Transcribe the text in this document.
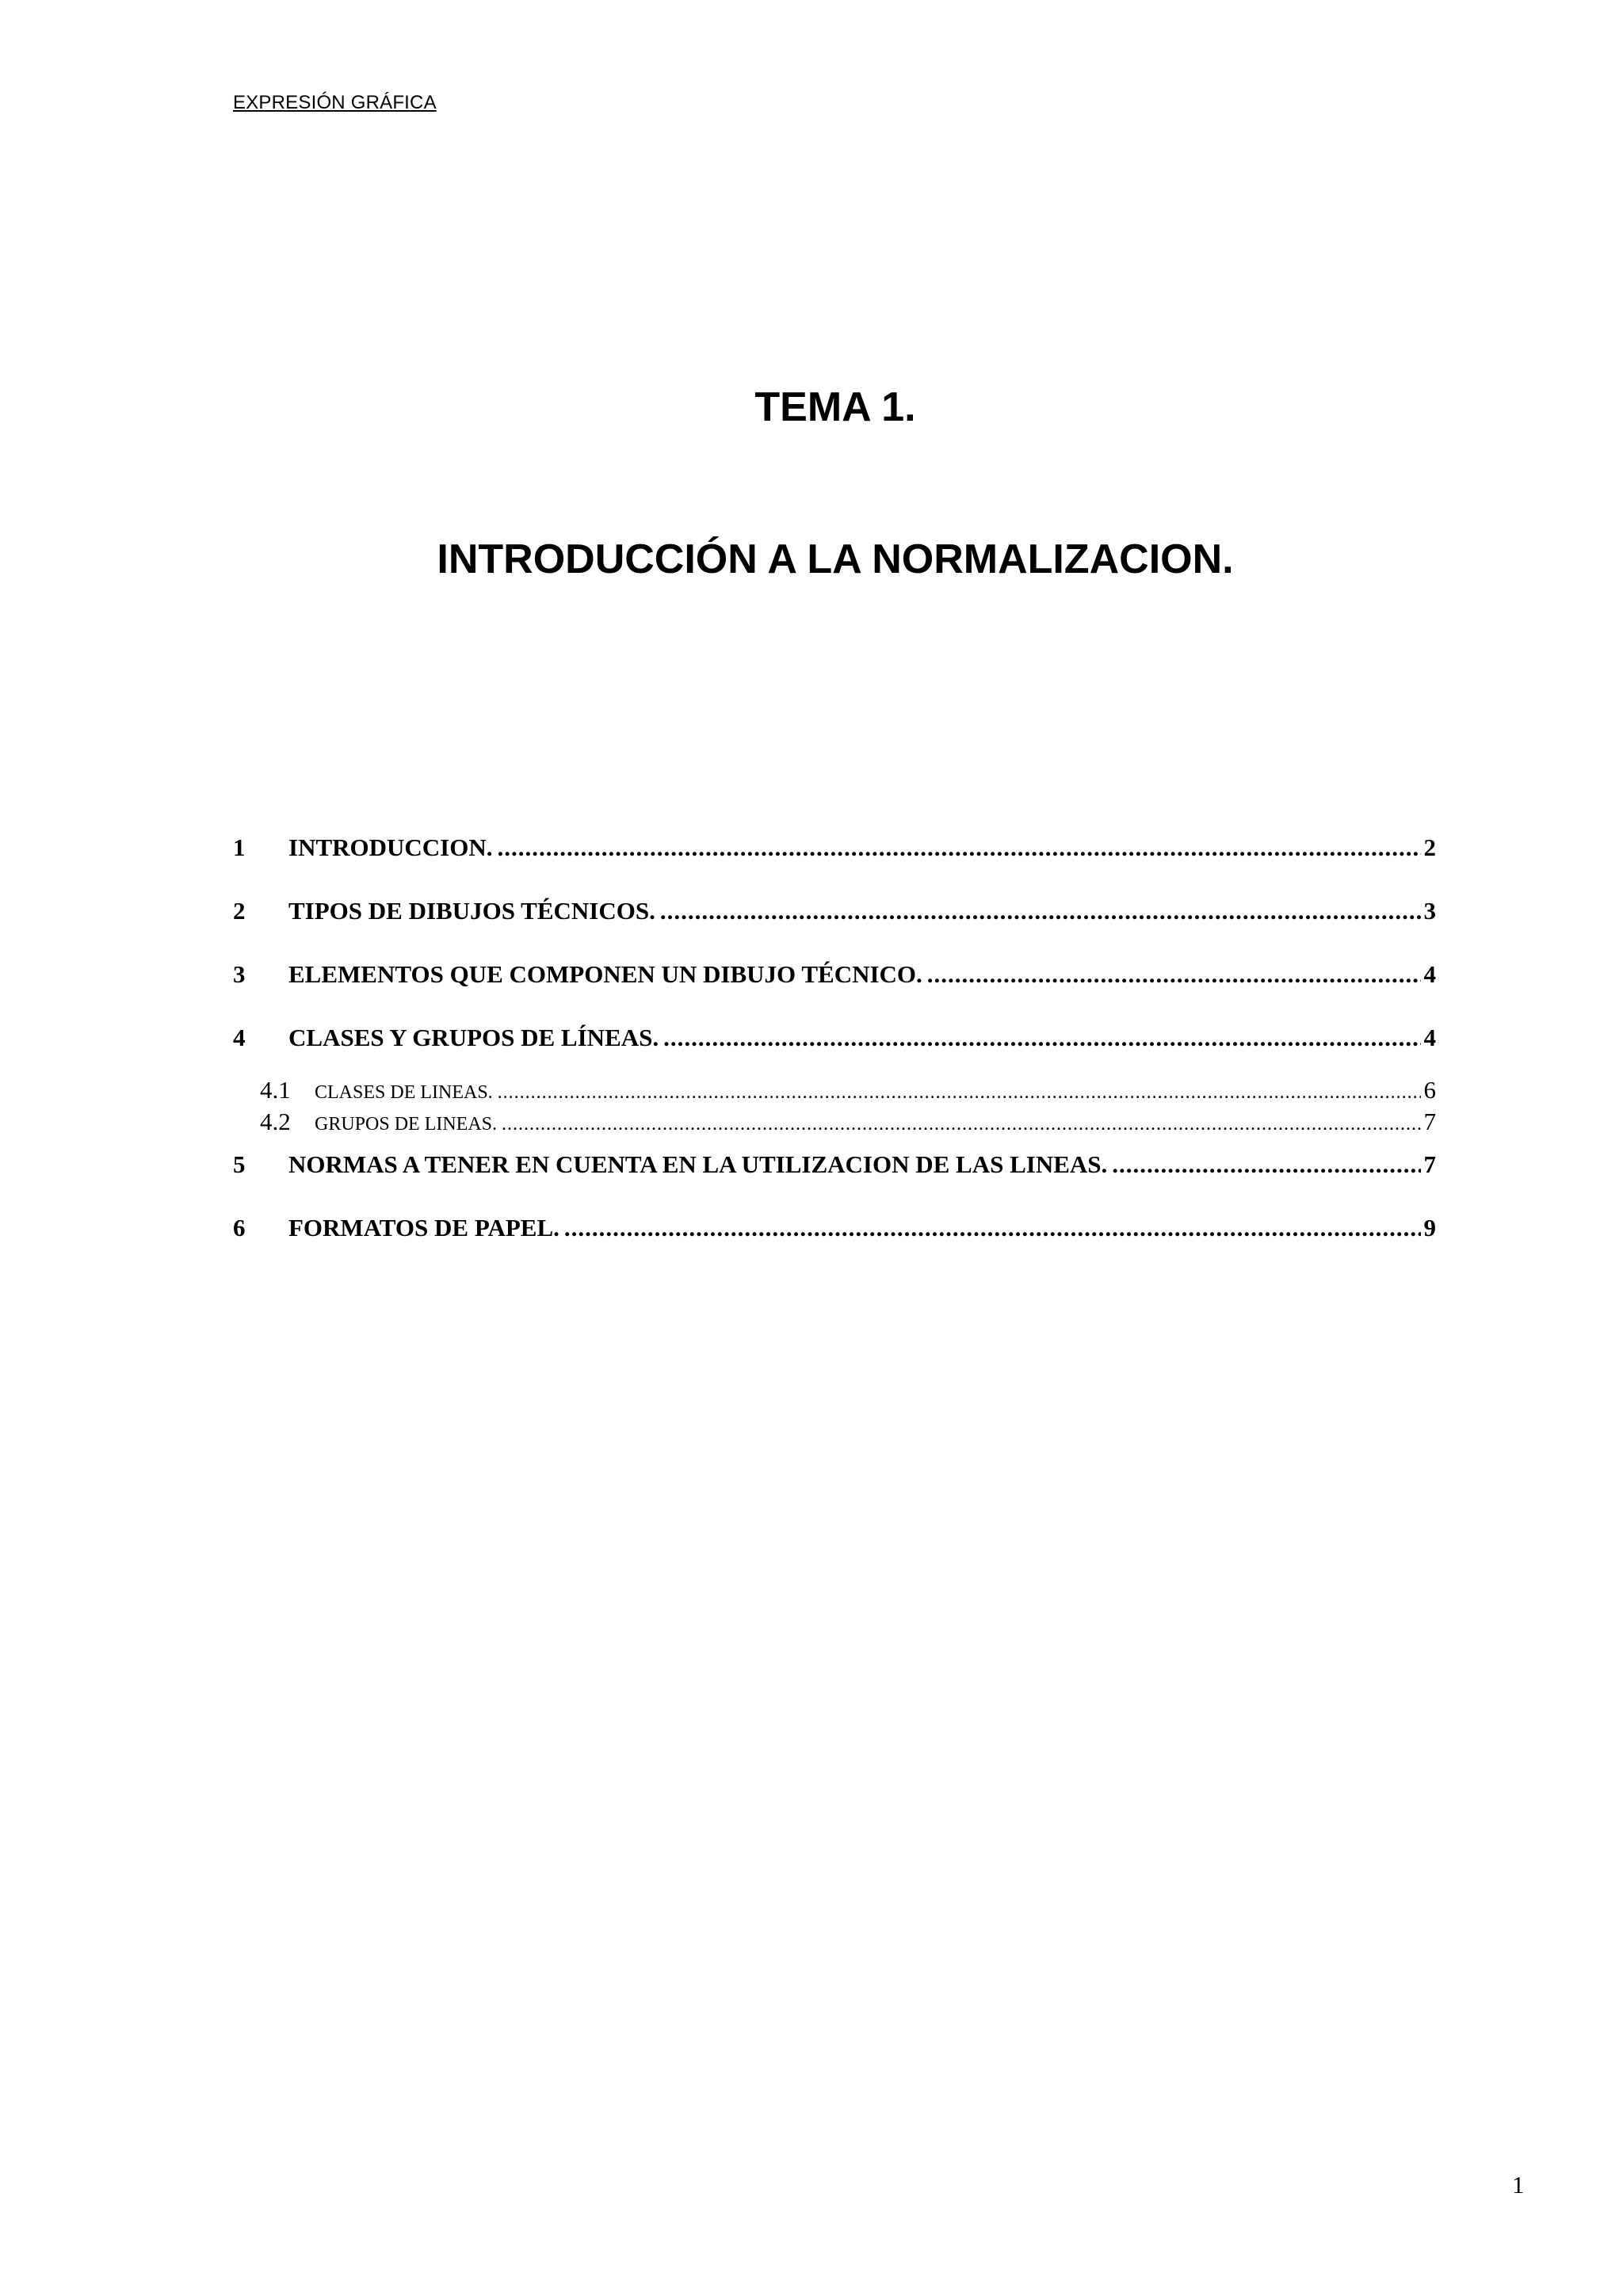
EXPRESIÓN GRÁFICA
TEMA 1.
INTRODUCCIÓN A LA NORMALIZACION.
1	INTRODUCCION. .....	2
2	TIPOS DE DIBUJOS TÉCNICOS. .....	3
3	ELEMENTOS QUE COMPONEN UN DIBUJO TÉCNICO. .....	4
4	CLASES Y GRUPOS DE LÍNEAS. .....	4
4.1	CLASES DE LINEAS. .....	6
4.2	GRUPOS DE LINEAS. .....	7
5	NORMAS A TENER EN CUENTA EN LA UTILIZACION DE LAS LINEAS. .....	7
6	FORMATOS DE PAPEL. .....	9
1
